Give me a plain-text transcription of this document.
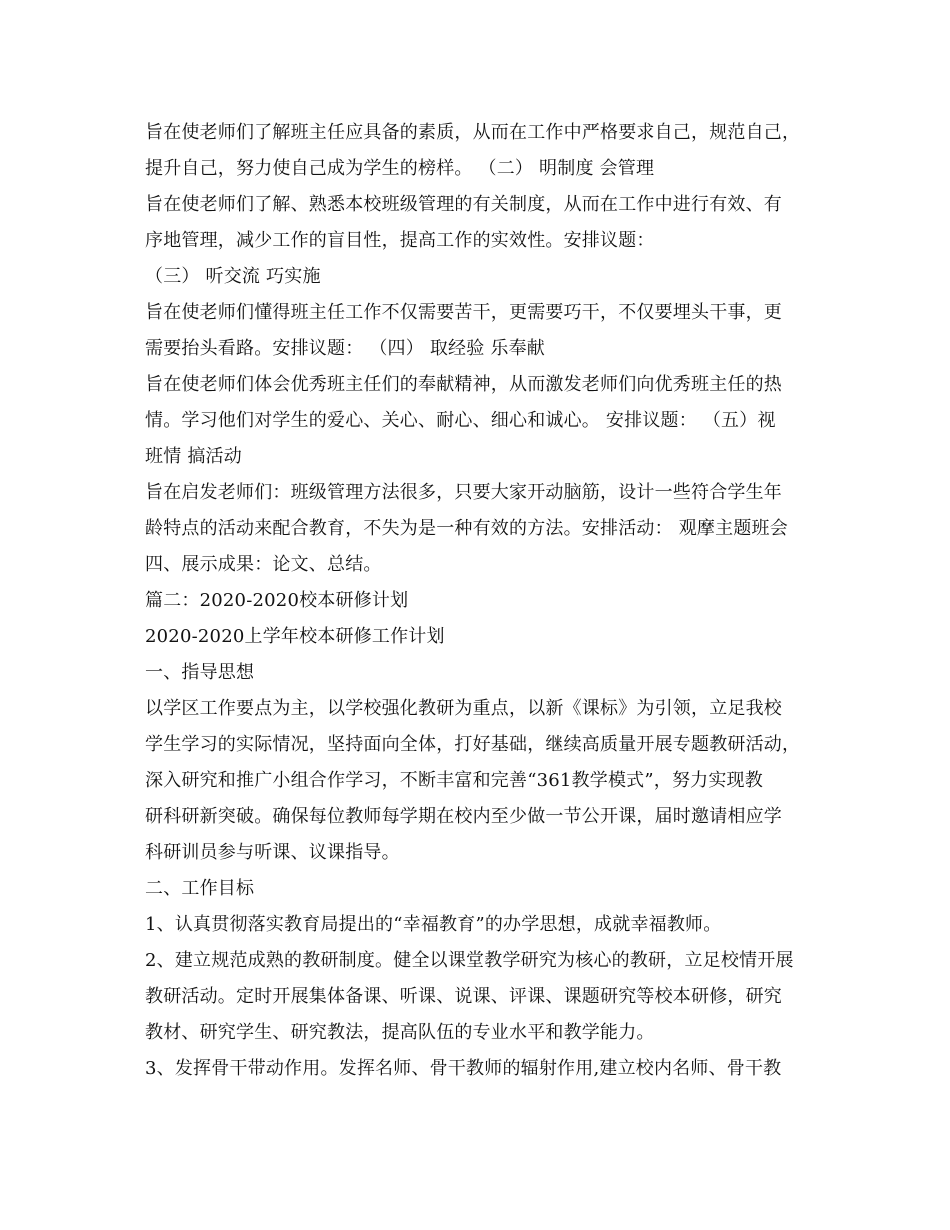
旨在使老师们了解班主任应具备的素质，从而在工作中严格要求自己，规范自己，
提升自己，努力使自己成为学生的榜样。 （二） 明制度 会管理
旨在使老师们了解、熟悉本校班级管理的有关制度，从而在工作中进行有效、有
序地管理，减少工作的盲目性，提高工作的实效性。安排议题：
（三） 听交流 巧实施
旨在使老师们懂得班主任工作不仅需要苦干，更需要巧干，不仅要埋头干事，更
需要抬头看路。安排议题： （四） 取经验 乐奉献
旨在使老师们体会优秀班主任们的奉献精神，从而激发老师们向优秀班主任的热
情。学习他们对学生的爱心、关心、耐心、细心和诚心。 安排议题： （五）视
班情 搞活动
旨在启发老师们：班级管理方法很多，只要大家开动脑筋，设计一些符合学生年
龄特点的活动来配合教育，不失为是一种有效的方法。安排活动： 观摩主题班会
四、展示成果：论文、总结。
篇二：2020-2020校本研修计划
2020-2020上学年校本研修工作计划
一、指导思想
以学区工作要点为主，以学校强化教研为重点，以新《课标》为引领，立足我校
学生学习的实际情况，坚持面向全体，打好基础，继续高质量开展专题教研活动，
深入研究和推广小组合作学习，不断丰富和完善“361教学模式”，努力实现教
研科研新突破。确保每位教师每学期在校内至少做一节公开课，届时邀请相应学
科研训员参与听课、议课指导。
二、工作目标
1、认真贯彻落实教育局提出的“幸福教育”的办学思想，成就幸福教师。
2、建立规范成熟的教研制度。健全以课堂教学研究为核心的教研，立足校情开展
教研活动。定时开展集体备课、听课、说课、评课、课题研究等校本研修，研究
教材、研究学生、研究教法，提高队伍的专业水平和教学能力。
3、发挥骨干带动作用。发挥名师、骨干教师的辐射作用,建立校内名师、骨干教
